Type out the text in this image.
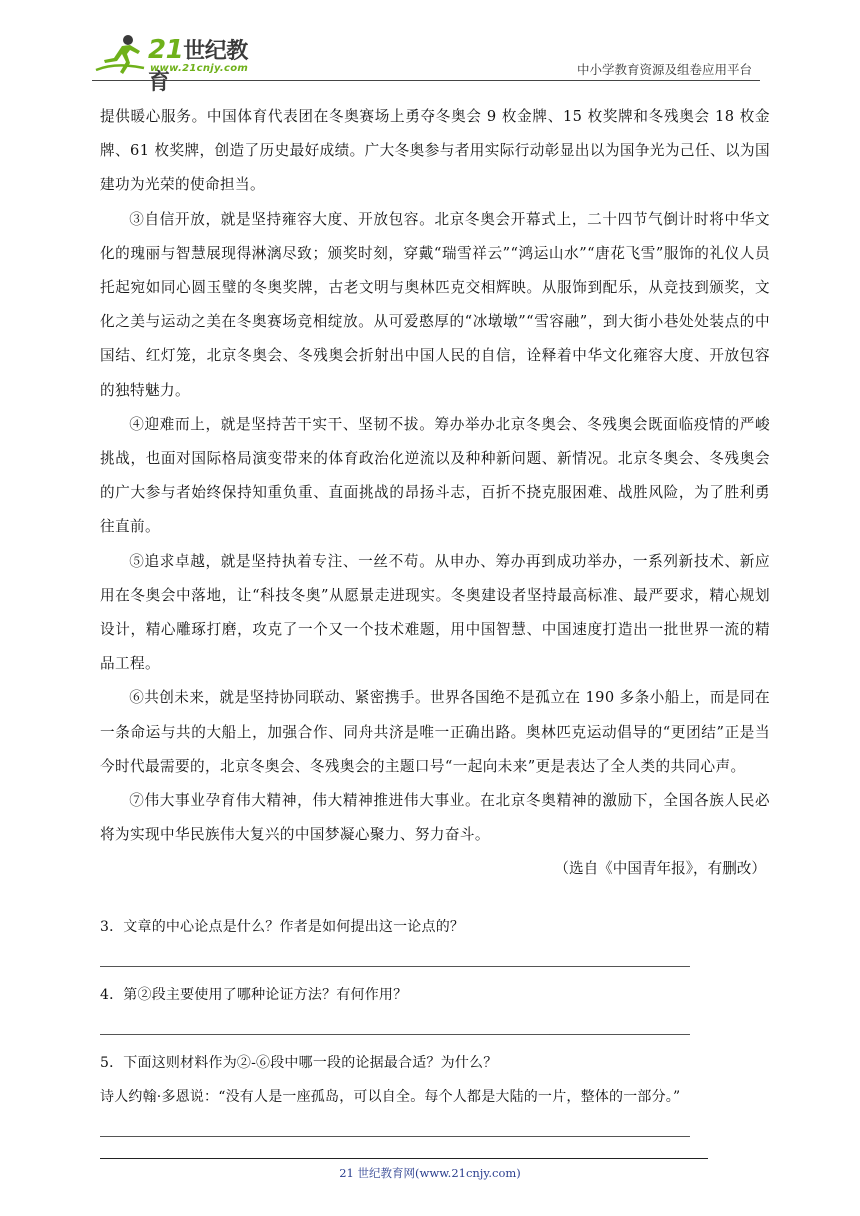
21世纪教育
www.21cnjy.com	中小学教育资源及组卷应用平台

提供暖心服务。中国体育代表团在冬奥赛场上勇夺冬奥会 9 枚金牌、15 枚奖牌和冬残奥会 18 枚金牌、61 枚奖牌，创造了历史最好成绩。广大冬奥参与者用实际行动彰显出以为国争光为己任、以为国建功为光荣的使命担当。

③自信开放，就是坚持雍容大度、开放包容。北京冬奥会开幕式上，二十四节气倒计时将中华文化的瑰丽与智慧展现得淋漓尽致；颁奖时刻，穿戴“瑞雪祥云”“鸿运山水”“唐花飞雪”服饰的礼仪人员托起宛如同心圆玉璧的冬奥奖牌，古老文明与奥林匹克交相辉映。从服饰到配乐，从竞技到颁奖，文化之美与运动之美在冬奥赛场竞相绽放。从可爱憨厚的“冰墩墩”“雪容融”，到大街小巷处处装点的中国结、红灯笼，北京冬奥会、冬残奥会折射出中国人民的自信，诠释着中华文化雍容大度、开放包容的独特魅力。

④迎难而上，就是坚持苦干实干、坚韧不拔。筹办举办北京冬奥会、冬残奥会既面临疫情的严峻挑战，也面对国际格局演变带来的体育政治化逆流以及种种新问题、新情况。北京冬奥会、冬残奥会的广大参与者始终保持知重负重、直面挑战的昂扬斗志，百折不挠克服困难、战胜风险，为了胜利勇往直前。

⑤追求卓越，就是坚持执着专注、一丝不苟。从申办、筹办再到成功举办，一系列新技术、新应用在冬奥会中落地，让“科技冬奥”从愿景走进现实。冬奥建设者坚持最高标准、最严要求，精心规划设计，精心雕琢打磨，攻克了一个又一个技术难题，用中国智慧、中国速度打造出一批世界一流的精品工程。

⑥共创未来，就是坚持协同联动、紧密携手。世界各国绝不是孤立在 190 多条小船上，而是同在一条命运与共的大船上，加强合作、同舟共济是唯一正确出路。奥林匹克运动倡导的“更团结”正是当今时代最需要的，北京冬奥会、冬残奥会的主题口号“一起向未来”更是表达了全人类的共同心声。

⑦伟大事业孕育伟大精神，伟大精神推进伟大事业。在北京冬奥精神的激励下，全国各族人民必将为实现中华民族伟大复兴的中国梦凝心聚力、努力奋斗。

（选自《中国青年报》，有删改）

3．文章的中心论点是什么？作者是如何提出这一论点的？
4．第②段主要使用了哪种论证方法？有何作用？
5．下面这则材料作为②-⑥段中哪一段的论据最合适？为什么？
诗人约翰·多恩说：“没有人是一座孤岛，可以自全。每个人都是大陆的一片，整体的一部分。”
21 世纪教育网(www.21cnjy.com)
